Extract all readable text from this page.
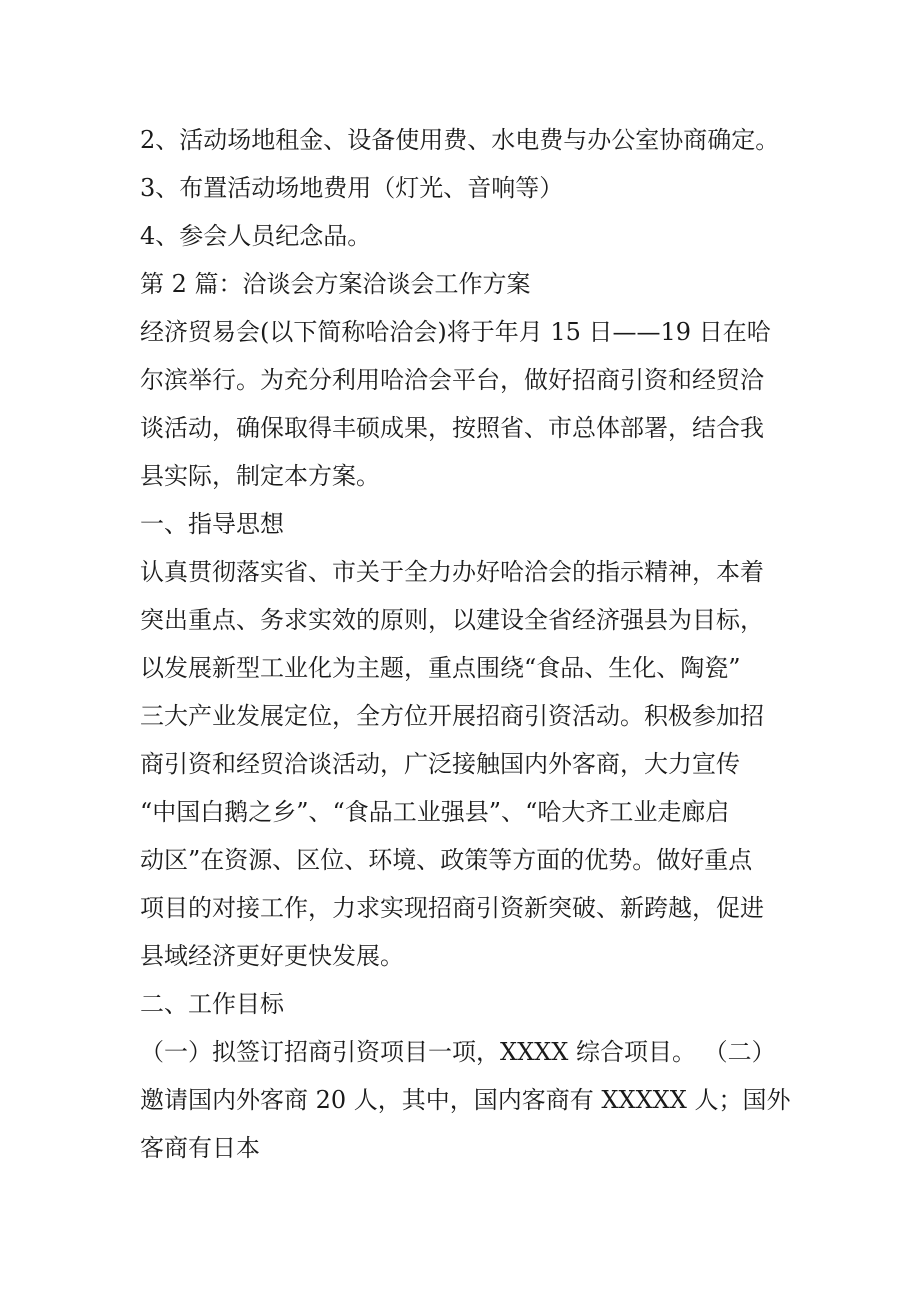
2、活动场地租金、设备使用费、水电费与办公室协商确定。
3、布置活动场地费用（灯光、音响等）
4、参会人员纪念品。
第 2 篇：洽谈会方案洽谈会工作方案
经济贸易会(以下简称哈洽会)将于年月 15 日——19 日在哈
尔滨举行。为充分利用哈洽会平台，做好招商引资和经贸洽
谈活动，确保取得丰硕成果，按照省、市总体部署，结合我
县实际，制定本方案。
一、指导思想
认真贯彻落实省、市关于全力办好哈洽会的指示精神，本着
突出重点、务求实效的原则，以建设全省经济强县为目标，
以发展新型工业化为主题，重点围绕“食品、生化、陶瓷”
三大产业发展定位，全方位开展招商引资活动。积极参加招
商引资和经贸洽谈活动，广泛接触国内外客商，大力宣传
“中国白鹅之乡”、“食品工业强县”、“哈大齐工业走廊启
动区”在资源、区位、环境、政策等方面的优势。做好重点
项目的对接工作，力求实现招商引资新突破、新跨越，促进
县域经济更好更快发展。
二、工作目标
（一）拟签订招商引资项目一项，XXXX 综合项目。 （二）
邀请国内外客商 20 人，其中，国内客商有 XXXXX 人；国外
客商有日本
